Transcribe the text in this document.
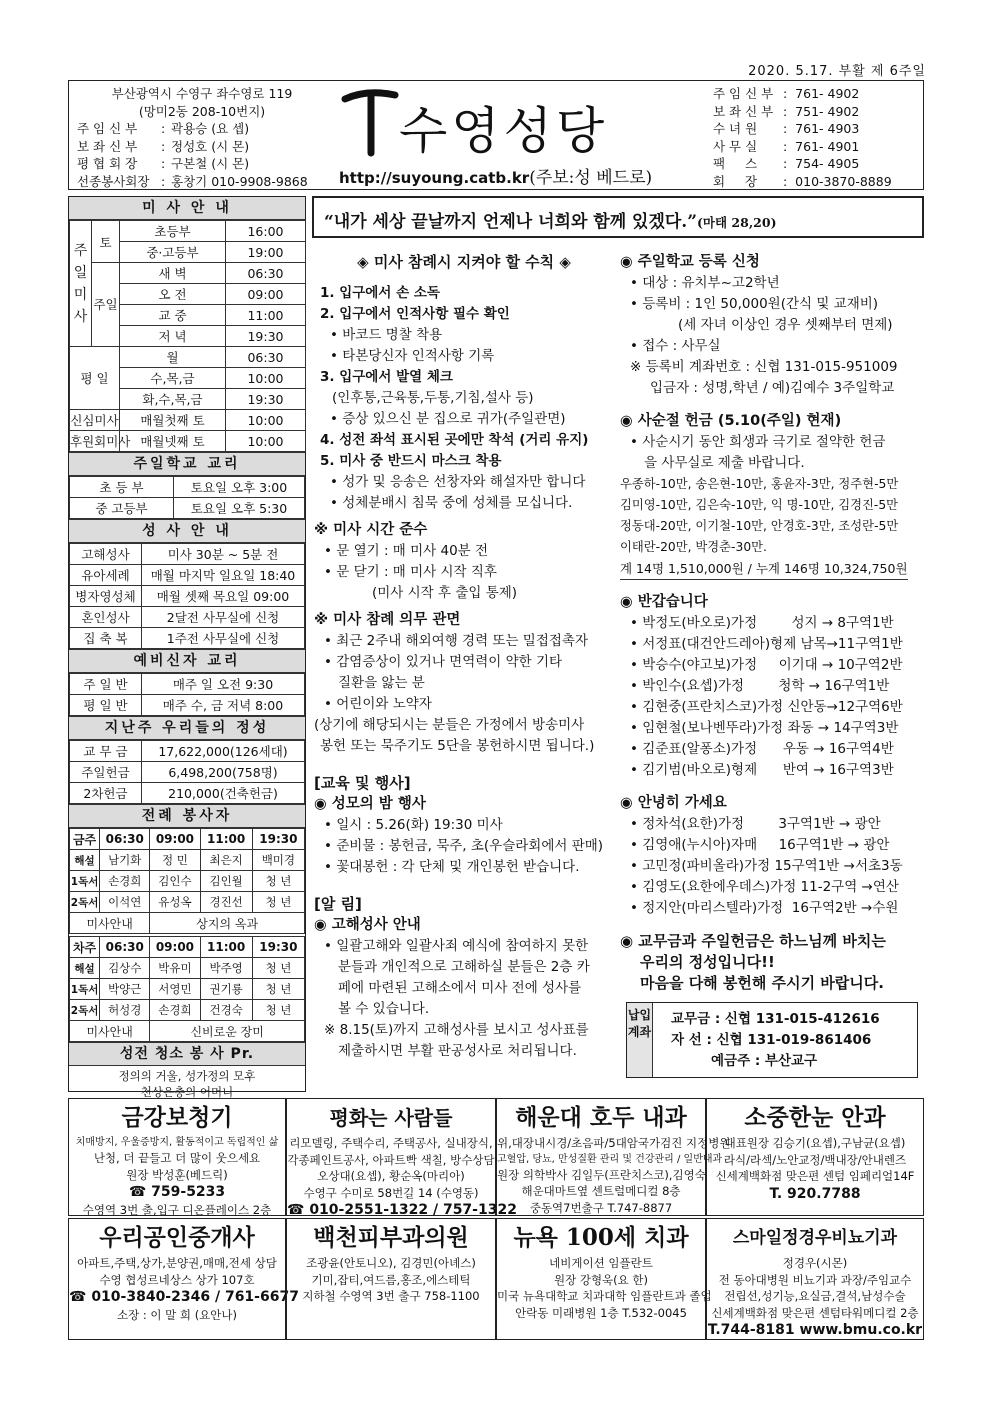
2020. 5.17. 부활 제 6주일
부산광역시 수영구 좌수영로 119
(망미2동 208-10번지)
주 임 신 부	: 곽용승 (요 셉)
보 좌 신 부	: 정성호 (시 몬)
평 협 회 장	: 구본철 (시 몬)
선종봉사회장 : 홍창기 010-9908-9868
수영성당
http://suyoung.catb.kr(주보:성 베드로)
주 임 신 부 :  761- 4902
보 좌 신 부 :  751- 4902
수 녀 원	:  761- 4903
사 무 실	:  761- 4901
팩     스	:  754- 4905
회     장	:  010-3870-8889
미 사 안 내
주일미사	토	초등부	16:00
		중·고등부	19:00
	주일	새 벽	06:30
		오 전	09:00
		교 중	11:00
		저 녁	19:30
평 일		월	06:30
		수,목,금	10:00
		화,수,목,금	19:30
신심미사		매월첫째 토	10:00
후원회미사		매월넷째 토	10:00
주일학교 교리
초 등 부	토요일 오후 3:00
중 고등부	토요일 오후 5:30
성 사 안 내
고해성사	미사 30분 ~ 5분 전
유아세례	매월 마지막 일요일 18:40
병자영성체	매월 셋째 목요일 09:00
혼인성사	2달전 사무실에 신청
집 축 복	1주전 사무실에 신청
예비신자 교리
주 일 반	매주 일 오전 9:30
평 일 반	매주 수, 금 저녁 8:00
지난주 우리들의 정성
교 무 금	17,622,000(126세대)
주일헌금	6,498,200(758명)
2차헌금	210,000(건축헌금)
전례 봉사자
금주	06:30	09:00	11:00	19:30
해설	남기화	정 민	최은지	백미경
1독서	손경희	김인수	김인월	청 년
2독서	이석연	유성옥	경진선	청 년
미사안내		상지의 옥과		
차주	06:30	09:00	11:00	19:30
해설	김상수	박유미	박주영	청 년
1독서	박양근	서영민	권기룡	청 년
2독서	허성경	손경희	건경숙	청 년
미사안내		신비로운 장미		
성전 청소 봉 사 Pr.
정의의 거울, 성가정의 모후
천상은총의 어머니
“내가 세상 끝날까지 언제나 너희와 함께 있겠다.”(마태 28,20)
◈ 미사 참례시 지켜야 할 수칙 ◈
1. 입구에서 손 소독
2. 입구에서 인적사항 필수 확인
• 바코드 명찰 착용
• 타본당신자 인적사항 기록
3. 입구에서 발열 체크
(인후통,근육통,두통,기침,설사 등)
• 증상 있으신 분 집으로 귀가(주일관면)
4. 성전 좌석 표시된 곳에만 착석 (거리 유지)
5. 미사 중 반드시 마스크 착용
• 성가 및 응송은 선창자와 해설자만 합니다
• 성체분배시 침묵 중에 성체를 모십니다.
※ 미사 시간 준수
• 문 열기 : 매 미사 40분 전
• 문 닫기 : 매 미사 시작 직후
(미사 시작 후 출입 통제)
※ 미사 참례 의무 관면
• 최근 2주내 해외여행 경력 또는 밀접접촉자
• 감염증상이 있거나 면역력이 약한 기타
질환을 앓는 분
• 어린이와 노약자
(상기에 해당되시는 분들은 가정에서 방송미사
봉헌 또는 묵주기도 5단을 봉헌하시면 됩니다.)
[교육 및 행사]
◉ 성모의 밤 행사
• 일시 : 5.26(화) 19:30 미사
• 준비물 : 봉헌금, 묵주, 초(우슬라회에서 판매)
• 꽃대봉헌 : 각 단체 및 개인봉헌 받습니다.
[알 림]
◉ 고해성사 안내
• 일괄고해와 일괄사죄 예식에 참여하지 못한
분들과 개인적으로 고해하실 분들은 2층 카
페에 마련된 고해소에서 미사 전에 성사를
볼 수 있습니다.
※ 8.15(토)까지 고해성사를 보시고 성사표를
제출하시면 부활 판공성사로 처리됩니다.
◉ 주일학교 등록 신청
• 대상 : 유치부~고2학년
• 등록비 : 1인 50,000원(간식 및 교재비)
(세 자녀 이상인 경우 셋째부터 면제)
• 접수 : 사무실
※ 등록비 계좌번호 : 신협 131-015-951009
입금자 : 성명,학년 / 예)김예수 3주일학교
◉ 사순절 헌금 (5.10(주일) 현재)
• 사순시기 동안 희생과 극기로 절약한 헌금
을 사무실로 제출 바랍니다.
우종하-10만, 송은현-10만, 홍윤자-3만, 정주현-5만
김미영-10만, 김은숙-10만, 익 명-10만, 김경진-5만
정동대-20만, 이기철-10만, 안경호-3만, 조성란-5만
이태란-20만, 박경춘-30만.
계 14명 1,510,000원 / 누계 146명 10,324,750원
◉ 반갑습니다
• 박정도(바오로)가정        성지 → 8구역1반
• 서정표(대건안드레아)형제 남목→11구역1반
• 박승수(야고보)가정     이기대 → 10구역2반
• 박인수(요셉)가정        청학 → 16구역1반
• 김현중(프란치스코)가정 신안동→12구역6반
• 임현철(보나벤뚜라)가정 좌동 → 14구역3반
• 김준표(알퐁소)가정      우동 → 16구역4반
• 김기범(바오로)형제      반여 → 16구역3반
◉ 안녕히 가세요
• 정차석(요한)가정        3구역1반 → 광안
• 김영애(누시아)자매     16구역1반 → 광안
• 고민정(파비올라)가정 15구역1반 →서초3동
• 김영도(요한에우데스)가정 11-2구역 →연산
• 정지안(마리스텔라)가정  16구역2반 →수원
◉ 교무금과 주일헌금은 하느님께 바치는
우리의 정성입니다!!
마음을 다해 봉헌해 주시기 바랍니다.
납입계좌
교무금 : 신협 131-015-412616
자 선 : 신협 131-019-861406
예금주 : 부산교구
금강보청기
치매방지, 우울증방지, 활동적이고 독립적인 삶
난청, 더 끝들고 더 많이 웃으세요
원장 박성훈(베드릭)
☎ 759-5233
수영역 3번 출,입구 디온플레이스 2층
평화는 사람들
리모델링, 주택수리, 주택공사, 실내장식,
각종페인트공사, 아파트빡 색칠, 방수상담
오상대(요셉), 황순옥(마리아)
수영구 수미로 58번길 14 (수영동)
☎ 010-2551-1322 / 757-1322
해운대 호두 내과
위,대장내시경/초음파/5대암국가검진 지정병원
고혈압, 당뇨, 만성질환 관리 및 건강관리 / 일반내과
원장 의학박사 김일두(프란치스코),김영숙
해운대마트옆 센트럴메디컬 8층
중동역7번출구 T.747-8877
소중한눈 안과
대표원장 김승기(요셉),구남균(요셉)
라식/라섹/노안교정/백내장/안내렌즈
신세계백화점 맞은편 센텀 임페리얼14F
T. 920.7788
우리공인중개사
아파트,주택,상가,분양권,매매,전세 상담
수영 협성르네상스 상가 107호
☎ 010-3840-2346 / 761-6677
소장 : 이 말 희 (요안나)
백천피부과의원
조광윤(안토니오), 김경민(아녜스)
기미,잡티,여드름,홍조,에스테틱
지하철 수영역 3번 출구 758-1100
뉴욕 100세 치과
네비게이션 임플란트
원장 강형욱(요 한)
미국 뉴욕대학교 치과대학 임플란트과 졸업
안락동 미래병원 1층 T.532-0045
스마일정경우비뇨기과
정경우(시몬)
전 동아대병원 비뇨기과 과장/주임교수
전립선,성기능,요실금,결석,남성수술
신세계백화점 맞은편 센텀타워메디컬 2층
T.744-8181 www.bmu.co.kr
